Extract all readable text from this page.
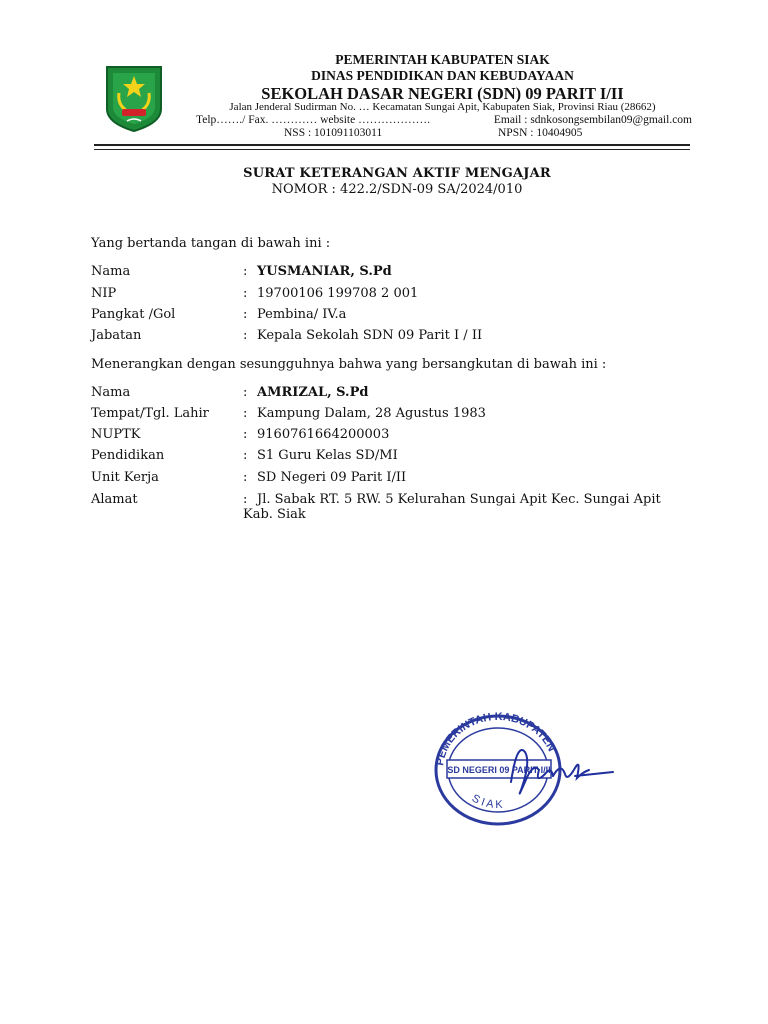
PEMERINTAH KABUPATEN SIAK
DINAS PENDIDIKAN DAN KEBUDAYAAN
SEKOLAH DASAR NEGERI (SDN) 09 PARIT I/II
Jalan Jenderal Sudirman No. … Kecamatan Sungai Apit, Kabupaten Siak, Provinsi Riau (28662)
Telp……./ Fax. ………… website ……………….	Email : sdnkosongsembilan09@gmail.com
NSS : 101091103011	NPSN : 10404905
SURAT KETERANGAN AKTIF MENGAJAR
NOMOR : 422.2/SDN-09 SA/2024/010
Yang bertanda tangan di bawah ini :
Nama	: YUSMANIAR, S.Pd
NIP	: 19700106 199708 2 001
Pangkat /Gol	: Pembina/ IV.a
Jabatan	: Kepala Sekolah SDN 09 Parit I / II
Menerangkan dengan sesungguhnya bahwa yang bersangkutan di bawah ini :
Nama	: AMRIZAL, S.Pd
Tempat/Tgl. Lahir	: Kampung Dalam, 28 Agustus 1983
NUPTK	: 9160761664200003
Pendidikan	: S1 Guru Kelas SD/MI
Unit Kerja	: SD Negeri 09 Parit I/II
Alamat	: Jl. Sabak RT. 5 RW. 5 Kelurahan Sungai Apit Kec. Sungai Apit Kab. Siak
PEMERINTAH KABUPATEN
SD NEGERI 09 PARIT I/II
S I A K
